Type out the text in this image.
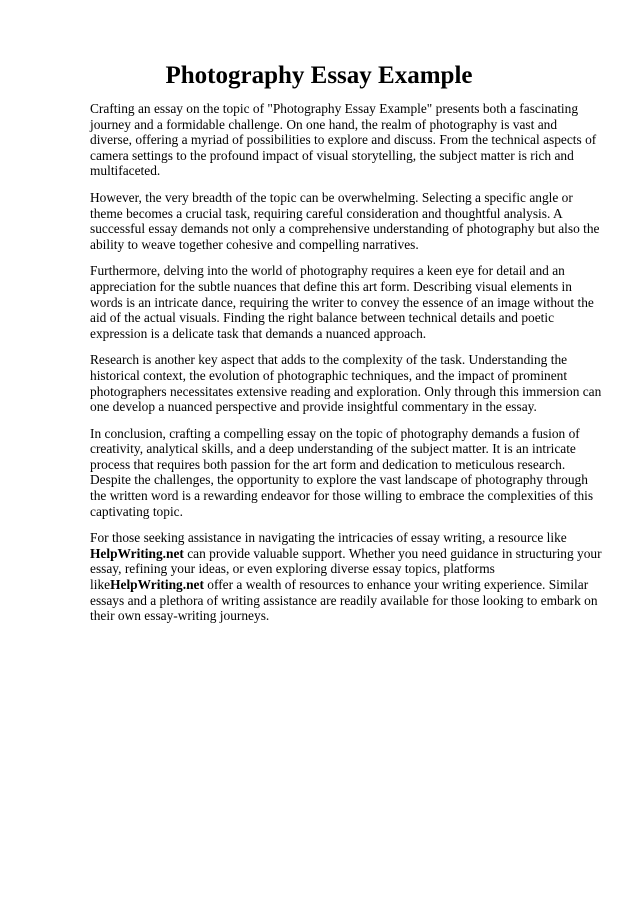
Photography Essay Example

Crafting an essay on the topic of "Photography Essay Example" presents both a fascinating journey and a formidable challenge. On one hand, the realm of photography is vast and diverse, offering a myriad of possibilities to explore and discuss. From the technical aspects of camera settings to the profound impact of visual storytelling, the subject matter is rich and multifaceted.

However, the very breadth of the topic can be overwhelming. Selecting a specific angle or theme becomes a crucial task, requiring careful consideration and thoughtful analysis. A successful essay demands not only a comprehensive understanding of photography but also the ability to weave together cohesive and compelling narratives.

Furthermore, delving into the world of photography requires a keen eye for detail and an appreciation for the subtle nuances that define this art form. Describing visual elements in words is an intricate dance, requiring the writer to convey the essence of an image without the aid of the actual visuals. Finding the right balance between technical details and poetic expression is a delicate task that demands a nuanced approach.

Research is another key aspect that adds to the complexity of the task. Understanding the historical context, the evolution of photographic techniques, and the impact of prominent photographers necessitates extensive reading and exploration. Only through this immersion can one develop a nuanced perspective and provide insightful commentary in the essay.

In conclusion, crafting a compelling essay on the topic of photography demands a fusion of creativity, analytical skills, and a deep understanding of the subject matter. It is an intricate process that requires both passion for the art form and dedication to meticulous research. Despite the challenges, the opportunity to explore the vast landscape of photography through the written word is a rewarding endeavor for those willing to embrace the complexities of this captivating topic.

For those seeking assistance in navigating the intricacies of essay writing, a resource like HelpWriting.net can provide valuable support. Whether you need guidance in structuring your essay, refining your ideas, or even exploring diverse essay topics, platforms likeHelpWriting.net offer a wealth of resources to enhance your writing experience. Similar essays and a plethora of writing assistance are readily available for those looking to embark on their own essay-writing journeys.
